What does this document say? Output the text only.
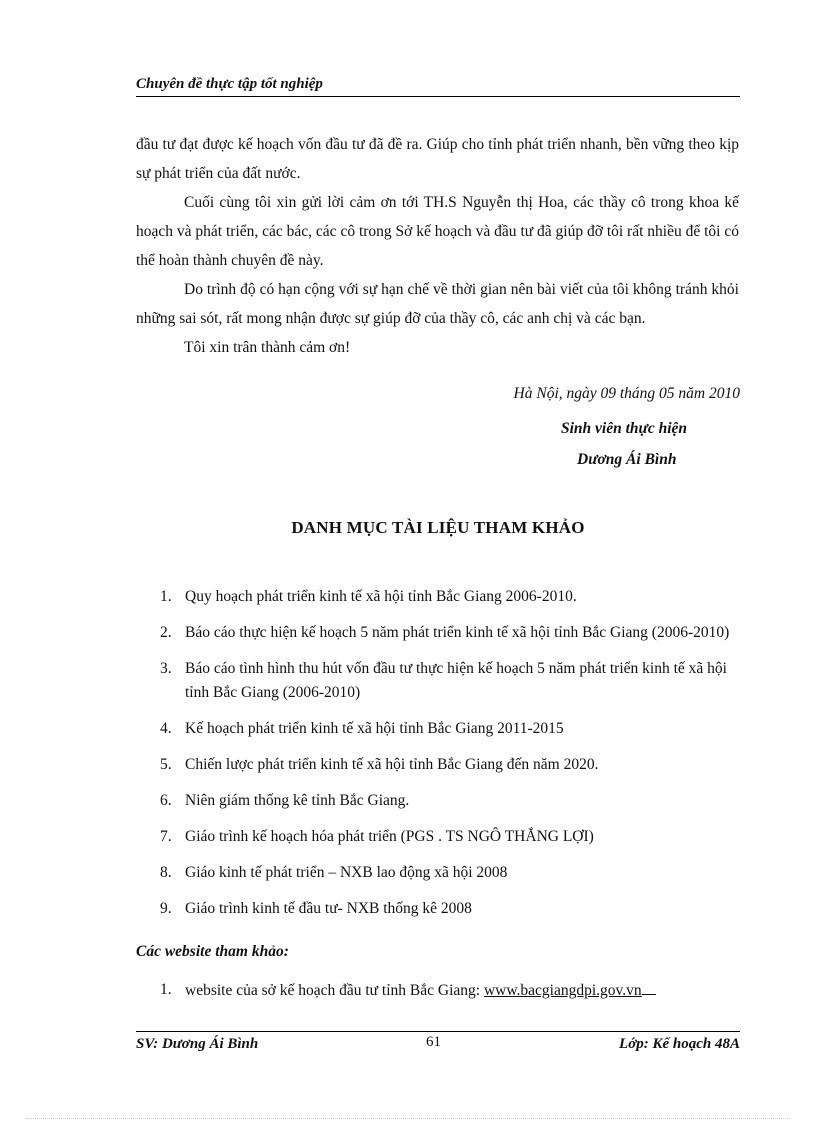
Chuyên đề thực tập tốt nghiệp

đầu tư đạt được kế hoạch vốn đầu tư đã đề ra. Giúp cho tỉnh phát triển nhanh, bền vững theo kịp sự phát triển của đất nước.

Cuối cùng tôi xin gửi lời cảm ơn tới TH.S Nguyễn thị Hoa, các thầy cô trong khoa kế hoạch và phát triển, các bác, các cô trong Sở kế hoạch và đầu tư đã giúp đỡ tôi rất nhiều để tôi có thể hoàn thành chuyên đề này.

Do trình độ có hạn cộng với sự hạn chế về thời gian nên bài viết của tôi không tránh khỏi những sai sót, rất mong nhận được sự giúp đỡ của thầy cô, các anh chị và các bạn.

Tôi xin trân thành cảm ơn!

Hà Nội, ngày 09 tháng 05 năm 2010
Sinh viên thực hiện
Dương Ái Bình
DANH MỤC TÀI LIỆU THAM KHẢO
1. Quy hoạch phát triển kinh tế xã hội tỉnh Bắc Giang 2006-2010.
2. Báo cáo thực hiện kế hoạch 5 năm phát triển kinh tế xã hội tỉnh Bắc Giang (2006-2010)
3. Báo cáo tình hình thu hút vốn đầu tư thực hiện kế hoạch 5 năm phát triển kinh tế xã hội tỉnh Bắc Giang (2006-2010)
4. Kế hoạch phát triển kinh tế xã hội tỉnh Bắc Giang 2011-2015
5. Chiến lược phát triển kinh tế xã hội tỉnh Bắc Giang đến năm 2020.
6. Niên giám thống kê tỉnh Bắc Giang.
7. Giáo trình kế hoạch hóa phát triển (PGS . TS NGÔ THẮNG LỢI)
8. Giáo kinh tế phát triển – NXB lao động xã hội 2008
9. Giáo trình kinh tế đầu tư- NXB thống kê 2008
Các website tham khảo:
1. website của sở kế hoạch đầu tư tỉnh Bắc Giang: www.bacgiangdpi.gov.vn
SV: Dương Ái Bình	61	Lớp: Kế hoạch 48A
